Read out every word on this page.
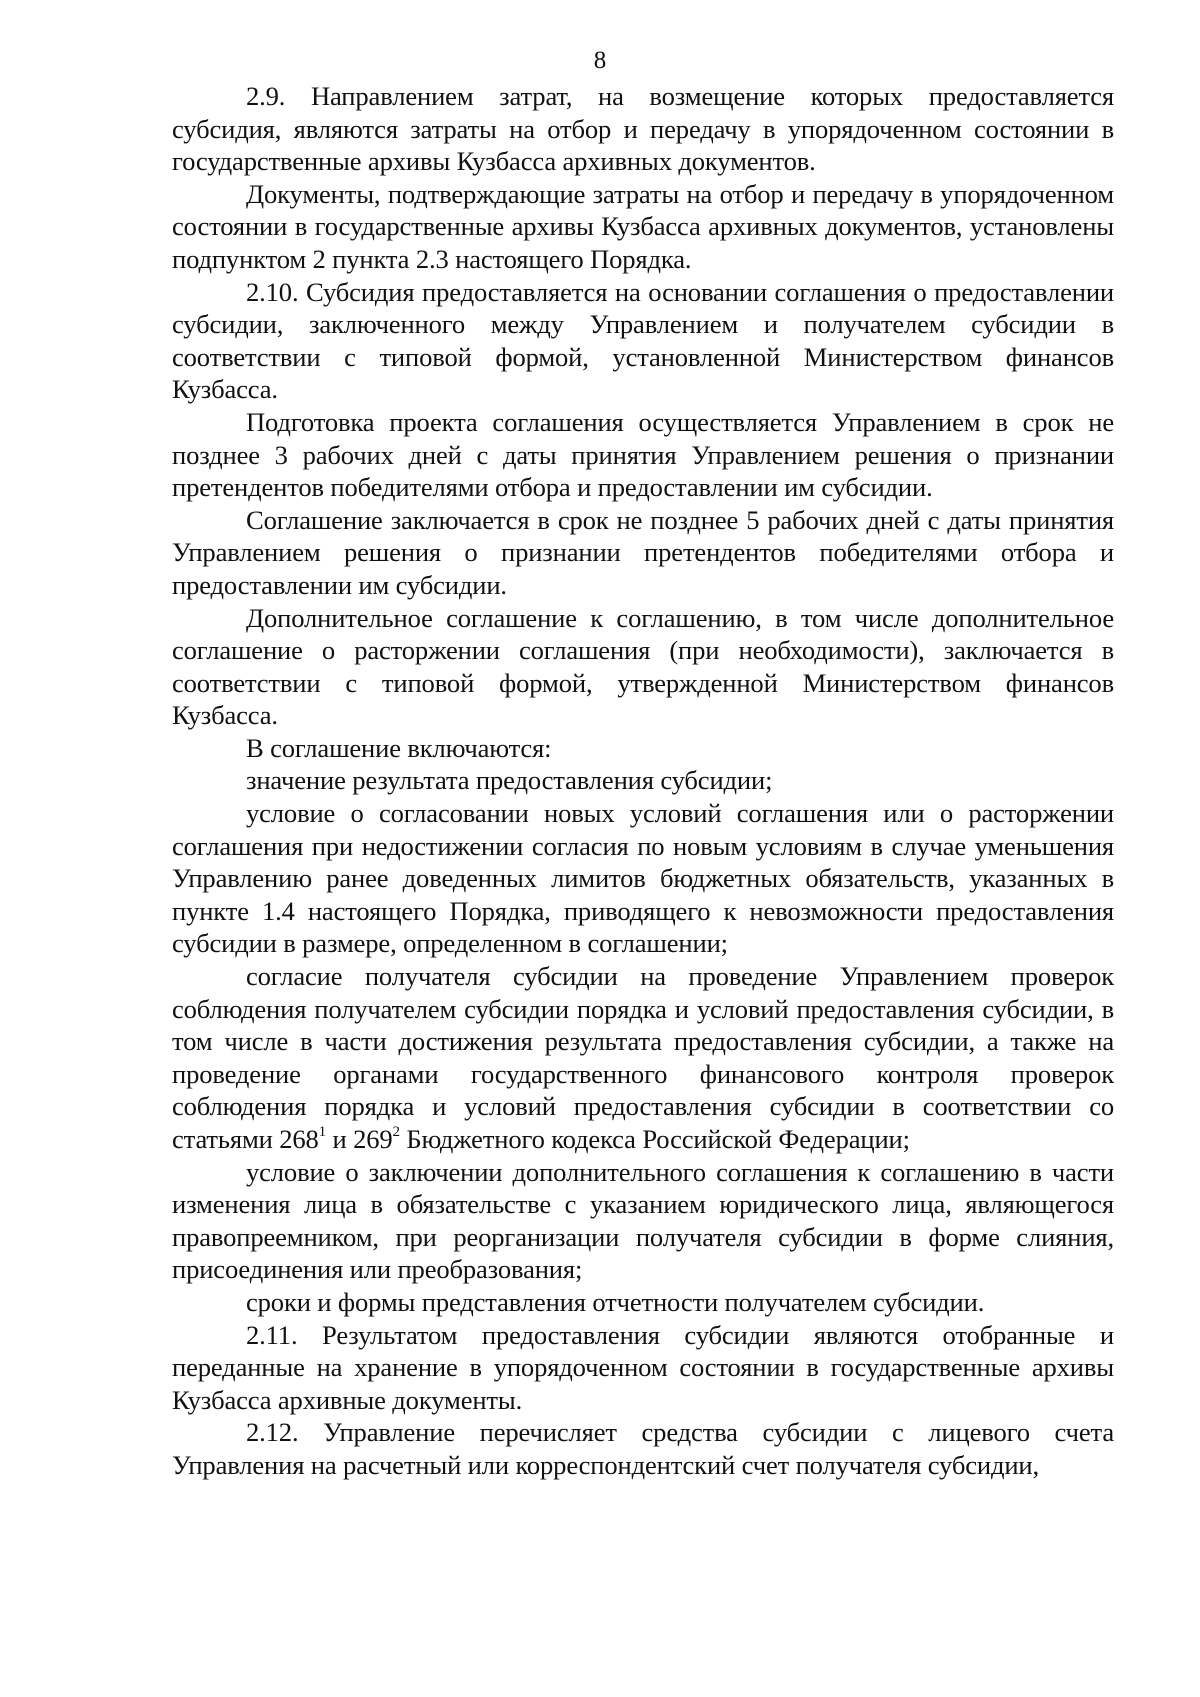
8

2.9. Направлением затрат, на возмещение которых предоставляется субсидия, являются затраты на отбор и передачу в упорядоченном состоянии в государственные архивы Кузбасса архивных документов.

Документы, подтверждающие затраты на отбор и передачу в упорядоченном состоянии в государственные архивы Кузбасса архивных документов, установлены подпунктом 2 пункта 2.3 настоящего Порядка.

2.10. Субсидия предоставляется на основании соглашения о предоставлении субсидии, заключенного между Управлением и получателем субсидии в соответствии с типовой формой, установленной Министерством финансов Кузбасса.

Подготовка проекта соглашения осуществляется Управлением в срок не позднее 3 рабочих дней с даты принятия Управлением решения о признании претендентов победителями отбора и предоставлении им субсидии.

Соглашение заключается в срок не позднее 5 рабочих дней с даты принятия Управлением решения о признании претендентов победителями отбора и предоставлении им субсидии.

Дополнительное соглашение к соглашению, в том числе дополнительное соглашение о расторжении соглашения (при необходимости), заключается в соответствии с типовой формой, утвержденной Министерством финансов Кузбасса.

В соглашение включаются:

значение результата предоставления субсидии;

условие о согласовании новых условий соглашения или о расторжении соглашения при недостижении согласия по новым условиям в случае уменьшения Управлению ранее доведенных лимитов бюджетных обязательств, указанных в пункте 1.4 настоящего Порядка, приводящего к невозможности предоставления субсидии в размере, определенном в соглашении;

согласие получателя субсидии на проведение Управлением проверок соблюдения получателем субсидии порядка и условий предоставления субсидии, в том числе в части достижения результата предоставления субсидии, а также на проведение органами государственного финансового контроля проверок соблюдения порядка и условий предоставления субсидии в соответствии со статьями $268^1$ и $269^2$ Бюджетного кодекса Российской Федерации;

условие о заключении дополнительного соглашения к соглашению в части изменения лица в обязательстве с указанием юридического лица, являющегося правопреемником, при реорганизации получателя субсидии в форме слияния, присоединения или преобразования;

сроки и формы представления отчетности получателем субсидии.

2.11. Результатом предоставления субсидии являются отобранные и переданные на хранение в упорядоченном состоянии в государственные архивы Кузбасса архивные документы.

2.12. Управление перечисляет средства субсидии с лицевого счета Управления на расчетный или корреспондентский счет получателя субсидии,
